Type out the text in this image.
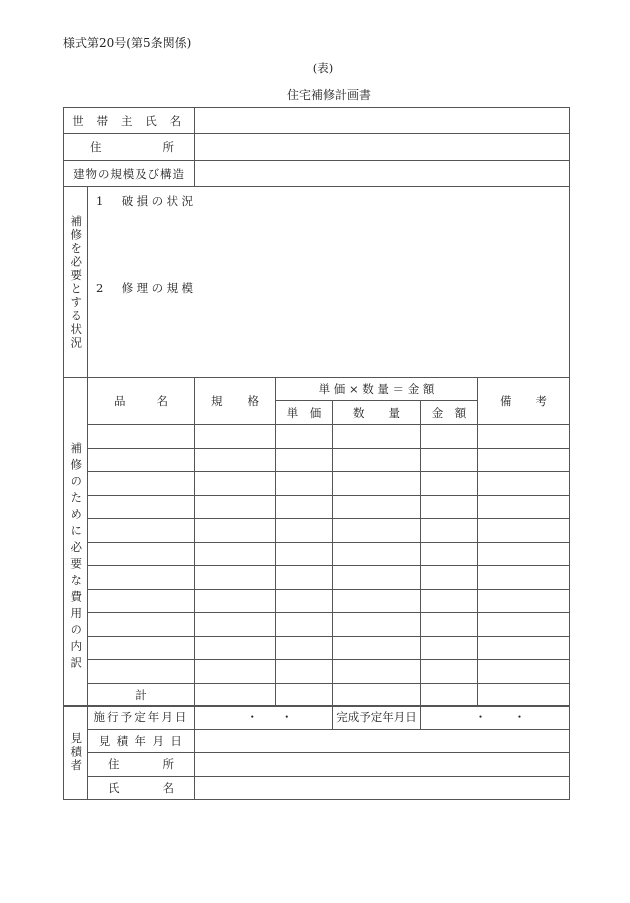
様式第20号(第5条関係)
(表)
住宅補修計画書
世 帯 主 氏 名	

住 所	

建物の規模及び構造	
補修を必要とする状況

1　破損の状況
2　修理の規模
補修のために必要な費用の内訳	品 名	規 格	単 価 × 数 量 ＝ 金 額			備 考

			単　価	数 量	金　額	

	計					
見積者	施行予定年月日	・ ・	完成予定年月日	・ ・

	見 積 年 月 日			

	住 所			

	氏 名			
